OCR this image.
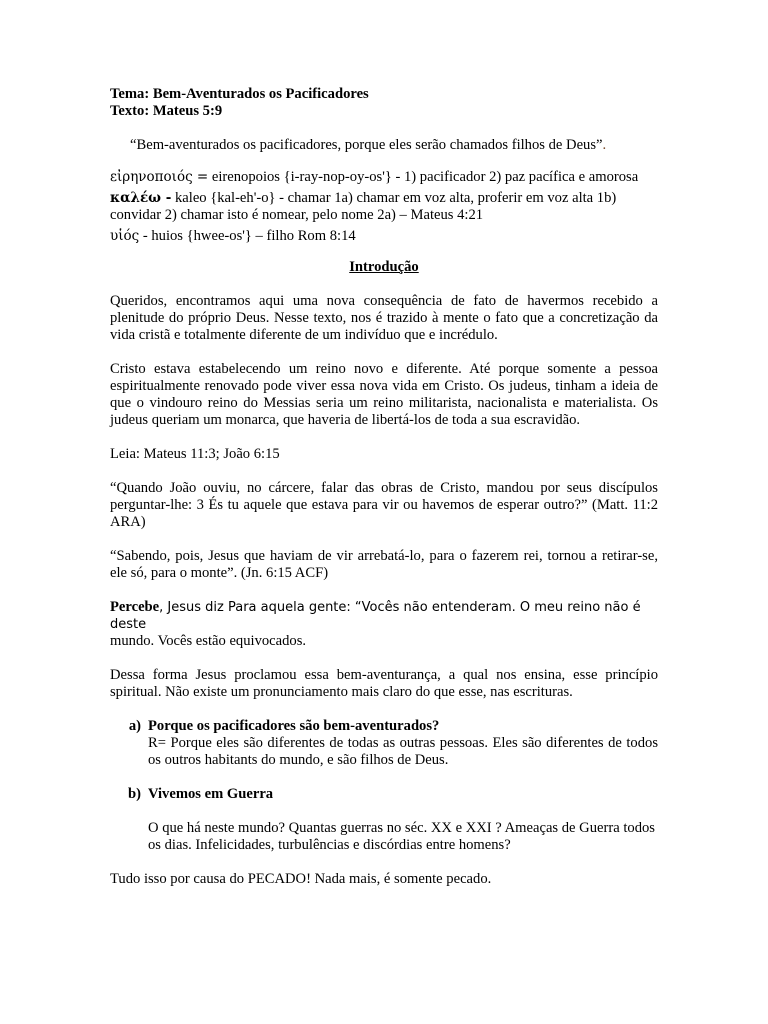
Tema: Bem-Aventurados os Pacificadores

Texto: Mateus 5:9

“Bem-aventurados os pacificadores, porque eles serão chamados filhos de Deus”.

εἰρηνοποιός = eirenopoios {i-ray-nop-oy-os'} - 1) pacificador 2) paz pacífica e amorosa

καλέω - kaleo {kal-eh'-o} - chamar 1a) chamar em voz alta, proferir em voz alta 1b) convidar 2) chamar isto é nomear, pelo nome 2a) – Mateus 4:21

υἱός - huios {hwee-os'} – filho Rom 8:14

Introdução

Queridos, encontramos aqui uma nova consequência de fato de havermos recebido a plenitude do próprio Deus. Nesse texto, nos é trazido à mente o fato que a concretização da vida cristã e totalmente diferente de um indivíduo que e incrédulo.

Cristo estava estabelecendo um reino novo e diferente. Até porque somente a pessoa espiritualmente renovado pode viver essa nova vida em Cristo. Os judeus, tinham a ideia de que o vindouro reino do Messias seria um reino militarista, nacionalista e materialista. Os judeus queriam um monarca, que haveria de libertá-los de toda a sua escravidão.

Leia: Mateus 11:3; João 6:15

“Quando João ouviu, no cárcere, falar das obras de Cristo, mandou por seus discípulos perguntar-lhe: 3 És tu aquele que estava para vir ou havemos de esperar outro?” (Matt. 11:2 ARA)

“Sabendo, pois, Jesus que haviam de vir arrebatá-lo, para o fazerem rei, tornou a retirar-se, ele só, para o monte”. (Jn. 6:15 ACF)

Percebe, Jesus diz Para aquela gente: “Vocês não entenderam. O meu reino não é deste
mundo. Vocês estão equivocados.

Dessa forma Jesus proclamou essa bem-aventurança, a qual nos ensina, esse princípio spiritual. Não existe um pronunciamento mais claro do que esse, nas escrituras.

a) Porque os pacificadores são bem-aventurados?

R= Porque eles são diferentes de todas as outras pessoas. Eles são diferentes de todos os outros habitants do mundo, e são filhos de Deus.

b) Vivemos em Guerra

O que há neste mundo? Quantas guerras no séc. XX e XXI ? Ameaças de Guerra todos os dias. Infelicidades, turbulências e discórdias entre homens?

Tudo isso por causa do PECADO! Nada mais, é somente pecado.
